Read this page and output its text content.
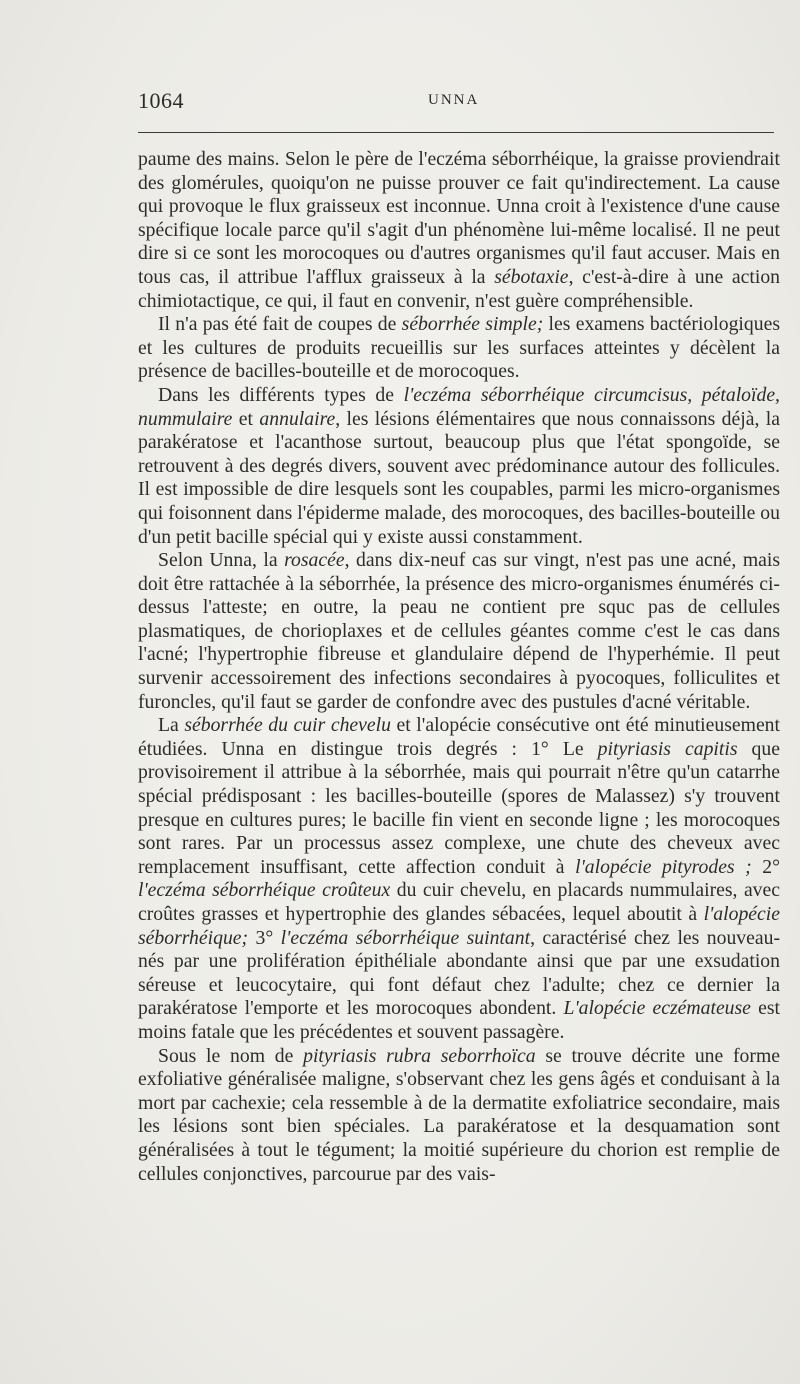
1064	UNNA

paume des mains. Selon le père de l'eczéma séborrhéique, la graisse proviendrait des glomérules, quoiqu'on ne puisse prouver ce fait qu'indirectement. La cause qui provoque le flux graisseux est inconnue. Unna croit à l'existence d'une cause spécifique locale parce qu'il s'agit d'un phénomène lui-même localisé. Il ne peut dire si ce sont les morocoques ou d'autres organismes qu'il faut accuser. Mais en tous cas, il attribue l'afflux graisseux à la sébotaxie, c'est-à-dire à une action chimiotactique, ce qui, il faut en convenir, n'est guère compréhensible.

Il n'a pas été fait de coupes de séborrhée simple; les examens bactériologiques et les cultures de produits recueillis sur les surfaces atteintes y décèlent la présence de bacilles-bouteille et de morocoques.

Dans les différents types de l'eczéma séborrhéique circumcisus, pétaloïde, nummulaire et annulaire, les lésions élémentaires que nous connaissons déjà, la parakératose et l'acanthose surtout, beaucoup plus que l'état spongoïde, se retrouvent à des degrés divers, souvent avec prédominance autour des follicules. Il est impossible de dire lesquels sont les coupables, parmi les micro-organismes qui foisonnent dans l'épiderme malade, des morocoques, des bacilles-bouteille ou d'un petit bacille spécial qui y existe aussi constamment.

Selon Unna, la rosacée, dans dix-neuf cas sur vingt, n'est pas une acné, mais doit être rattachée à la séborrhée, la présence des micro-organismes énumérés ci-dessus l'atteste; en outre, la peau ne contient pre squc pas de cellules plasmatiques, de chorioplaxes et de cellules géantes comme c'est le cas dans l'acné; l'hypertrophie fibreuse et glandulaire dépend de l'hyperhémie. Il peut survenir accessoirement des infections secondaires à pyocoques, folliculites et furoncles, qu'il faut se garder de confondre avec des pustules d'acné véritable.

La séborrhée du cuir chevelu et l'alopécie consécutive ont été minutieusement étudiées. Unna en distingue trois degrés : 1° Le pityriasis capitis que provisoirement il attribue à la séborrhée, mais qui pourrait n'être qu'un catarrhe spécial prédisposant : les bacilles-bouteille (spores de Malassez) s'y trouvent presque en cultures pures; le bacille fin vient en seconde ligne ; les morocoques sont rares. Par un processus assez complexe, une chute des cheveux avec remplacement insuffisant, cette affection conduit à l'alopécie pityrodes ; 2° l'eczéma séborrhéique croûteux du cuir chevelu, en placards nummulaires, avec croûtes grasses et hypertrophie des glandes sébacées, lequel aboutit à l'alopécie séborrhéique; 3° l'eczéma séborrhéique suintant, caractérisé chez les nouveau-nés par une prolifération épithéliale abondante ainsi que par une exsudation séreuse et leucocytaire, qui font défaut chez l'adulte; chez ce dernier la parakératose l'emporte et les morocoques abondent. L'alopécie eczémateuse est moins fatale que les précédentes et souvent passagère.

Sous le nom de pityriasis rubra seborrhoïca se trouve décrite une forme exfoliative généralisée maligne, s'observant chez les gens âgés et conduisant à la mort par cachexie; cela ressemble à de la dermatite exfoliatrice secondaire, mais les lésions sont bien spéciales. La parakératose et la desquamation sont généralisées à tout le tégument; la moitié supérieure du chorion est remplie de cellules conjonctives, parcourue par des vais-
